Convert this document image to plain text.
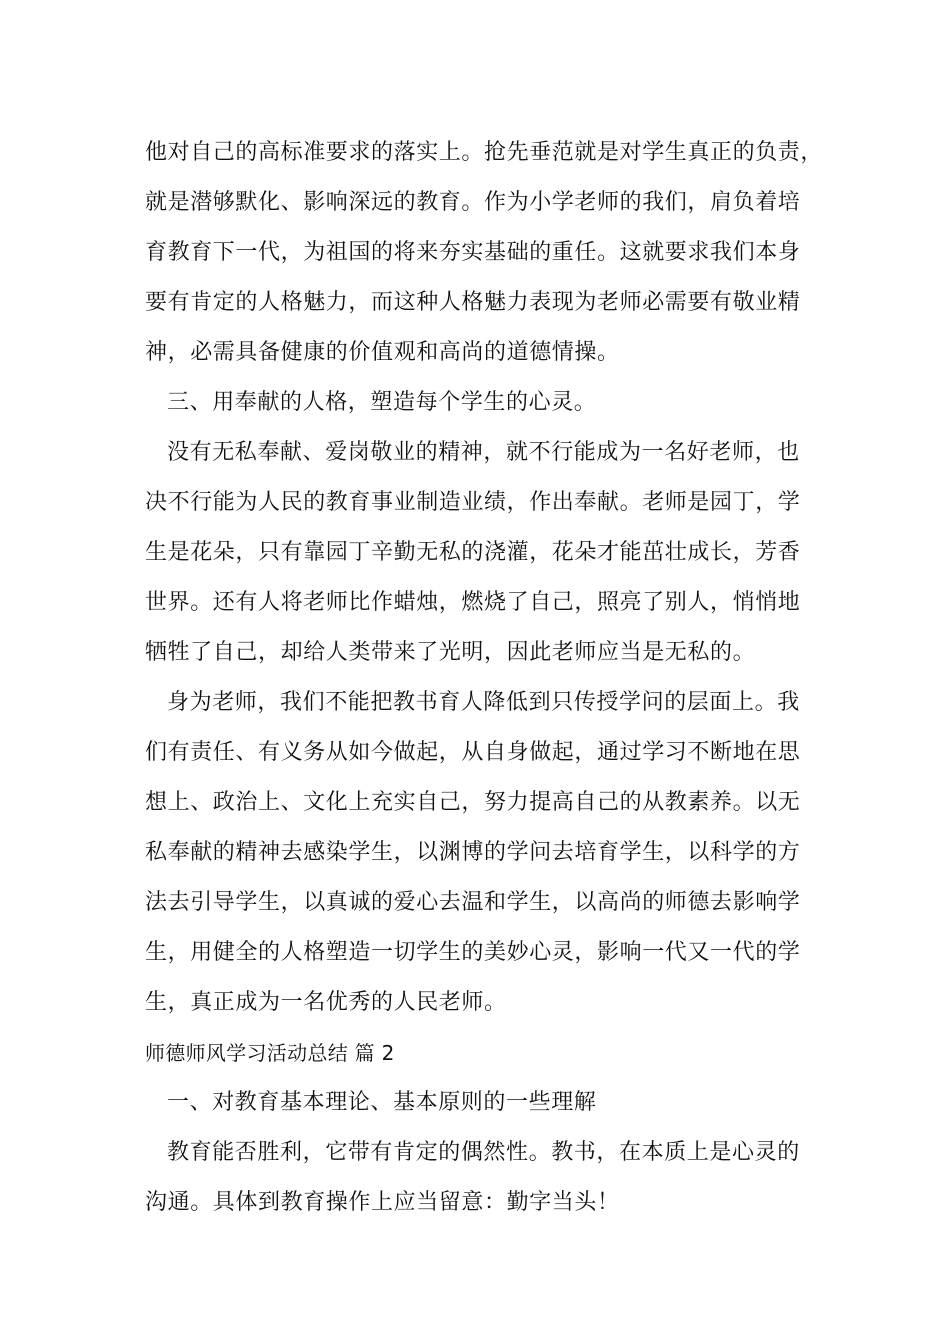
他对自己的高标准要求的落实上。抢先垂范就是对学生真正的负责，
就是潜够默化、影响深远的教育。作为小学老师的我们，肩负着培
育教育下一代，为祖国的将来夯实基础的重任。这就要求我们本身
要有肯定的人格魅力，而这种人格魅力表现为老师必需要有敬业精
神，必需具备健康的价值观和高尚的道德情操。
三、用奉献的人格，塑造每个学生的心灵。
没有无私奉献、爱岗敬业的精神，就不行能成为一名好老师，也
决不行能为人民的教育事业制造业绩，作出奉献。老师是园丁，学
生是花朵，只有靠园丁辛勤无私的浇灌，花朵才能茁壮成长，芳香
世界。还有人将老师比作蜡烛，燃烧了自己，照亮了别人，悄悄地
牺牲了自己，却给人类带来了光明，因此老师应当是无私的。
身为老师，我们不能把教书育人降低到只传授学问的层面上。我
们有责任、有义务从如今做起，从自身做起，通过学习不断地在思
想上、政治上、文化上充实自己，努力提高自己的从教素养。以无
私奉献的精神去感染学生，以渊博的学问去培育学生，以科学的方
法去引导学生，以真诚的爱心去温和学生，以高尚的师德去影响学
生，用健全的人格塑造一切学生的美妙心灵，影响一代又一代的学
生，真正成为一名优秀的人民老师。
师德师风学习活动总结 篇 2
一、对教育基本理论、基本原则的一些理解
教育能否胜利，它带有肯定的偶然性。教书，在本质上是心灵的
沟通。具体到教育操作上应当留意：勤字当头！
